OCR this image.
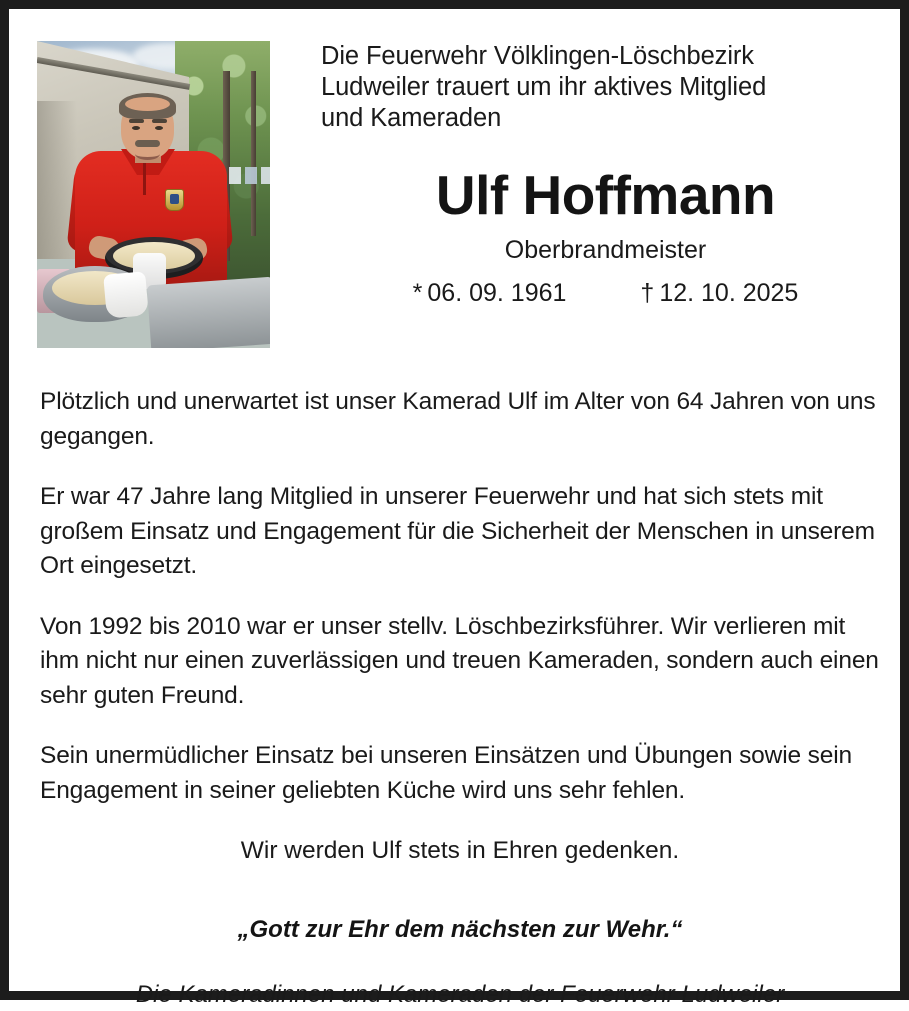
Die Feuerwehr Völklingen-Löschbezirk
Ludweiler trauert um ihr aktives Mitglied
und Kameraden
Ulf Hoffmann
Oberbrandmeister
* 06. 09. 1961	† 12. 10. 2025

Plötzlich und unerwartet ist unser Kamerad Ulf im Alter von 64 Jahren von uns gegangen.

Er war 47 Jahre lang Mitglied in unserer Feuerwehr und hat sich stets mit großem Einsatz und Engagement für die Sicherheit der Menschen in unserem Ort eingesetzt.

Von 1992 bis 2010 war er unser stellv. Löschbezirksführer. Wir verlieren mit ihm nicht nur einen zuverlässigen und treuen Kameraden, sondern auch einen sehr guten Freund.

Sein unermüdlicher Einsatz bei unseren Einsätzen und Übungen sowie sein Engagement in seiner geliebten Küche wird uns sehr fehlen.

Wir werden Ulf stets in Ehren gedenken.

„Gott zur Ehr dem nächsten zur Wehr.“

Die Kameradinnen und Kameraden der Feuerwehr Ludweiler
